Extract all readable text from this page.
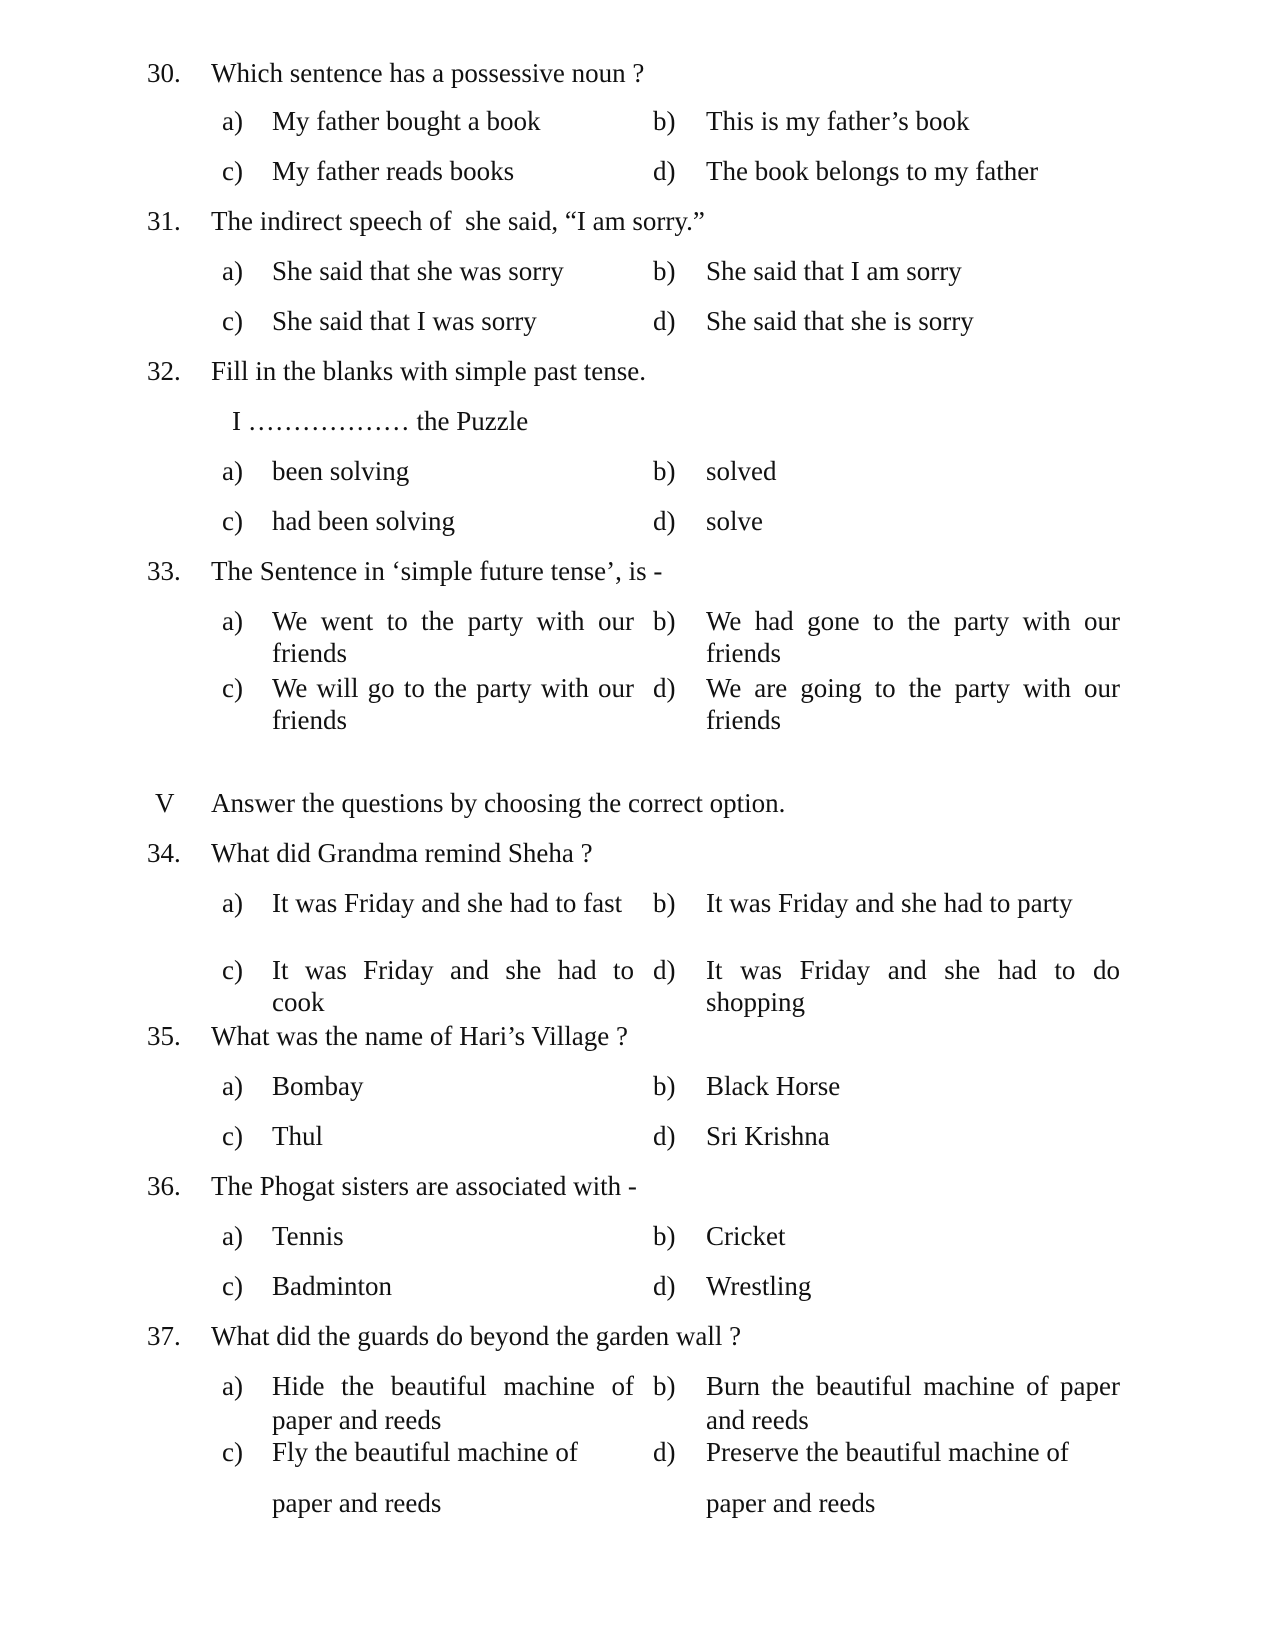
30. Which sentence has a possessive noun ?
a) My father bought a book	b) This is my father’s book
c) My father reads books	d) The book belongs to my father
31. The indirect speech of  she said, “I am sorry.”
a) She said that she was sorry	b) She said that I am sorry
c) She said that I was sorry	d) She said that she is sorry
32. Fill in the blanks with simple past tense.
I ……………… the Puzzle
a) been solving	b) solved
c) had been solving	d) solve
33. The Sentence in ‘simple future tense’, is -
a) We went to the party with our friends
b) We had gone to the party with our friends
c) We will go to the party with our friends
d) We are going to the party with our friends
V Answer the questions by choosing the correct option.
34. What did Grandma remind Sheha ?
a) It was Friday and she had to fast	b) It was Friday and she had to party
c) It was Friday and she had to cook
d) It was Friday and she had to do shopping
35. What was the name of Hari’s Village ?
a) Bombay	b) Black Horse
c) Thul	d) Sri Krishna
36. The Phogat sisters are associated with -
a) Tennis	b) Cricket
c) Badminton	d) Wrestling
37. What did the guards do beyond the garden wall ?
a) Hide the beautiful machine of paper and reeds
b) Burn the beautiful machine of paper and reeds
c) Fly the beautiful machine of
paper and reeds
d) Preserve the beautiful machine of
paper and reeds
